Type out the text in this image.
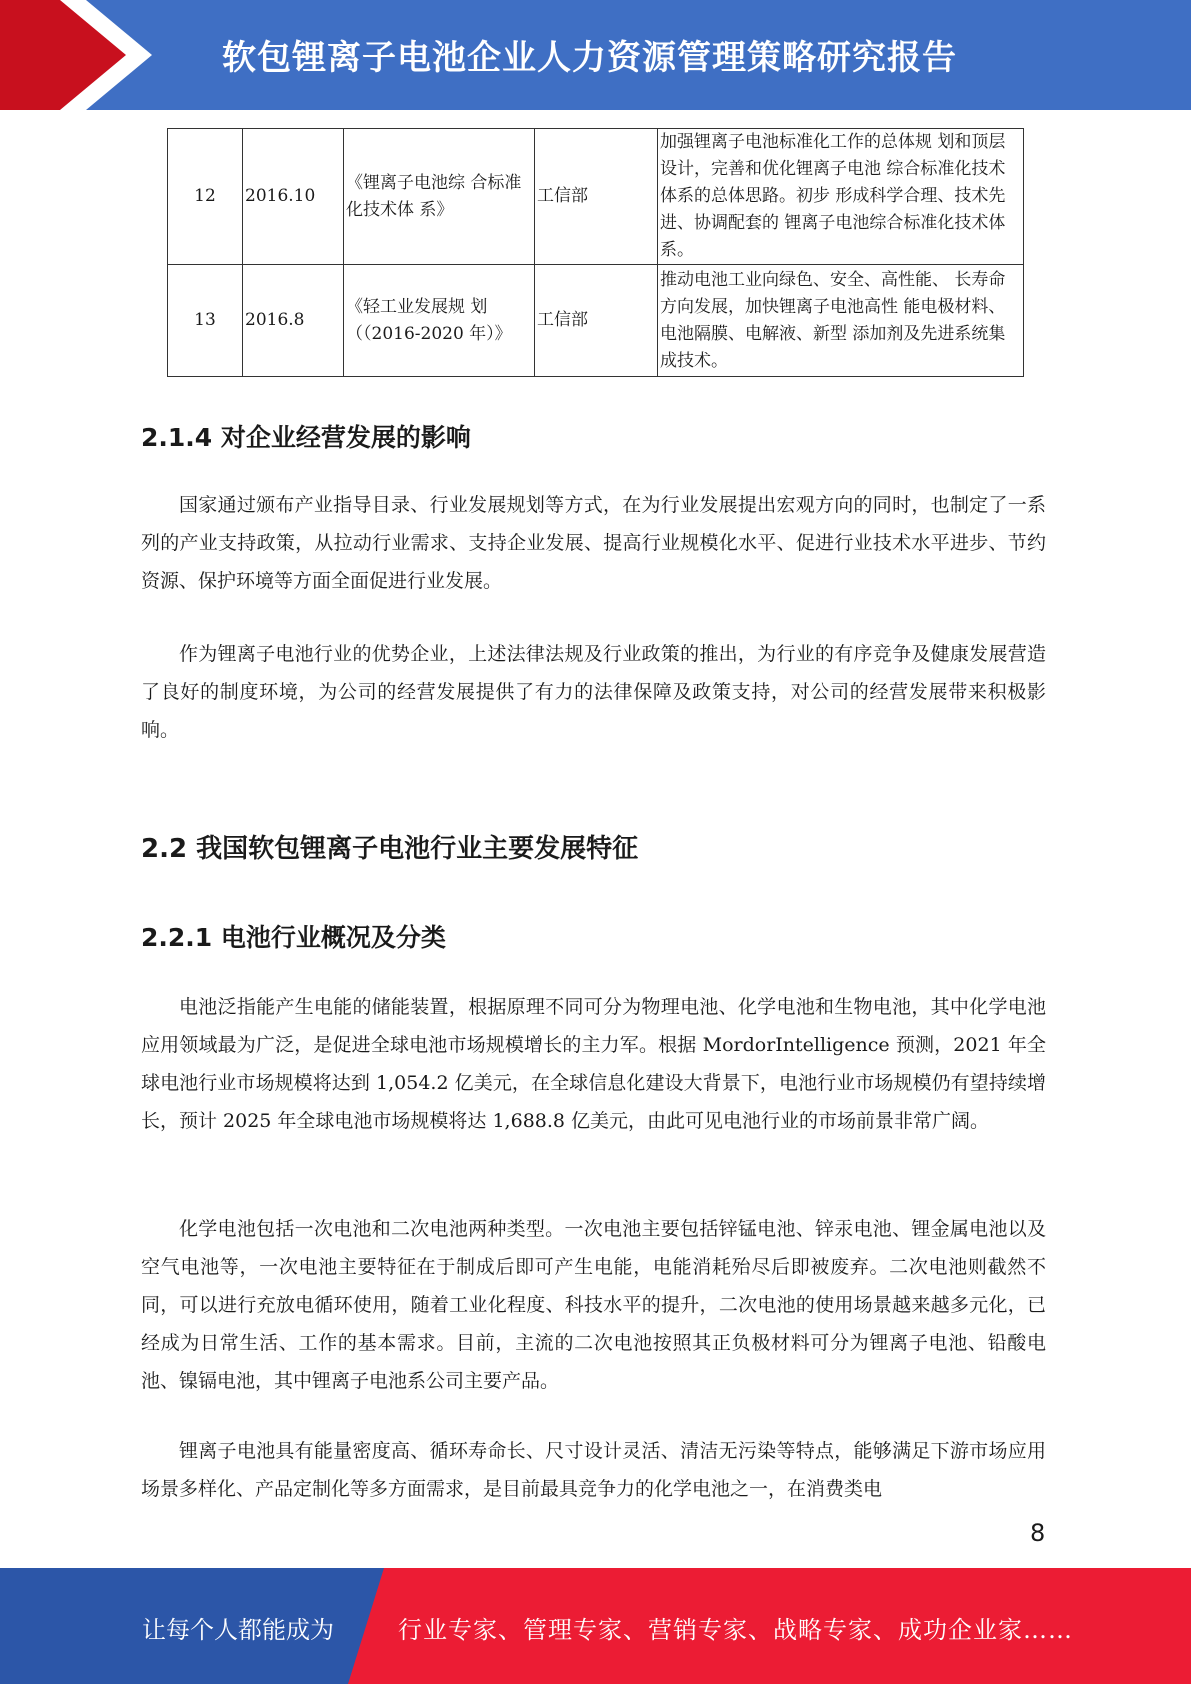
软包锂离子电池企业人力资源管理策略研究报告
12	2016.10	《锂离子电池综 合标准化技术体 系》	工信部	加强锂离子电池标准化工作的总体规 划和顶层设计，完善和优化锂离子电池 综合标准化技术体系的总体思路。初步 形成科学合理、技术先进、协调配套的 锂离子电池综合标准化技术体系。
13	2016.8	《轻工业发展规 划（（2016-2020 年）》	工信部	推动电池工业向绿色、安全、高性能、 长寿命方向发展，加快锂离子电池高性 能电极材料、电池隔膜、电解液、新型 添加剂及先进系统集成技术。
2.1.4 对企业经营发展的影响

国家通过颁布产业指导目录、行业发展规划等方式，在为行业发展提出宏观方向的同时，也制定了一系列的产业支持政策，从拉动行业需求、支持企业发展、提高行业规模化水平、促进行业技术水平进步、节约资源、保护环境等方面全面促进行业发展。

作为锂离子电池行业的优势企业，上述法律法规及行业政策的推出，为行业的有序竞争及健康发展营造了良好的制度环境，为公司的经营发展提供了有力的法律保障及政策支持，对公司的经营发展带来积极影响。

2.2 我国软包锂离子电池行业主要发展特征
2.2.1 电池行业概况及分类

电池泛指能产生电能的储能装置，根据原理不同可分为物理电池、化学电池和生物电池，其中化学电池应用领域最为广泛，是促进全球电池市场规模增长的主力军。根据 MordorIntelligence 预测，2021 年全球电池行业市场规模将达到 1,054.2 亿美元，在全球信息化建设大背景下，电池行业市场规模仍有望持续增长，预计 2025 年全球电池市场规模将达 1,688.8 亿美元，由此可见电池行业的市场前景非常广阔。

化学电池包括一次电池和二次电池两种类型。一次电池主要包括锌锰电池、锌汞电池、锂金属电池以及空气电池等，一次电池主要特征在于制成后即可产生电能，电能消耗殆尽后即被废弃。二次电池则截然不同，可以进行充放电循环使用，随着工业化程度、科技水平的提升，二次电池的使用场景越来越多元化，已经成为日常生活、工作的基本需求。目前，主流的二次电池按照其正负极材料可分为锂离子电池、铅酸电池、镍镉电池，其中锂离子电池系公司主要产品。

锂离子电池具有能量密度高、循环寿命长、尺寸设计灵活、清洁无污染等特点，能够满足下游市场应用场景多样化、产品定制化等多方面需求，是目前最具竞争力的化学电池之一，在消费类电

8
让每个人都能成为	行业专家、管理专家、营销专家、战略专家、成功企业家……
